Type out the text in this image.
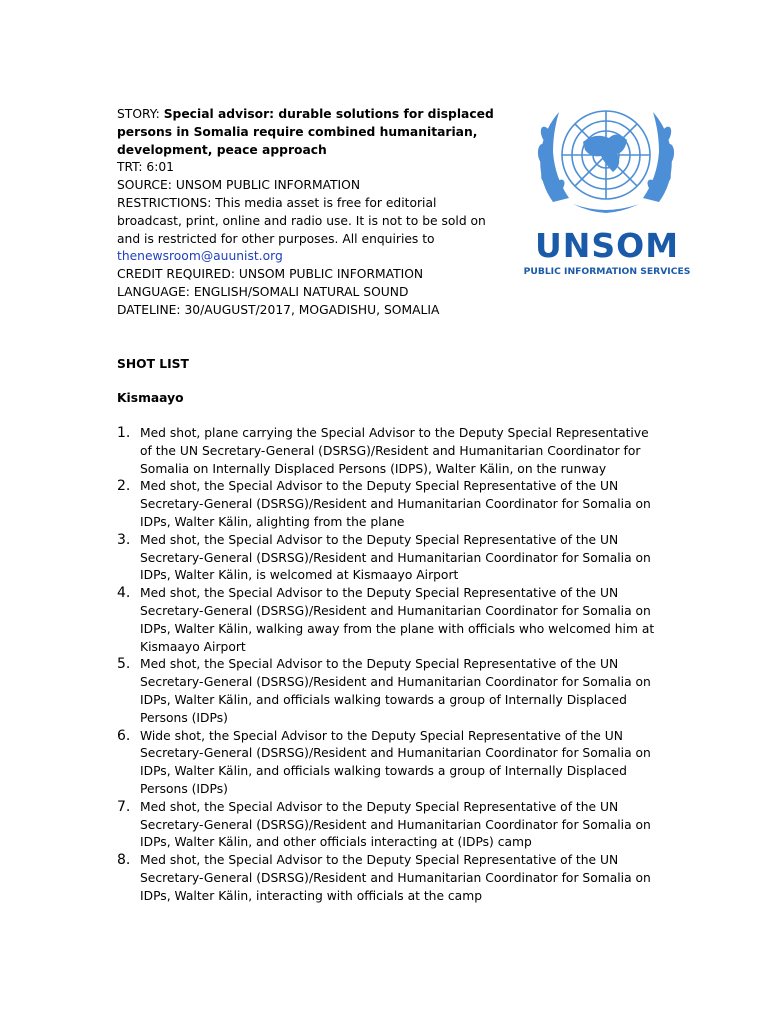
STORY: Special advisor: durable solutions for displaced persons in Somalia require combined humanitarian, development, peace approach
TRT: 6:01
SOURCE: UNSOM PUBLIC INFORMATION
RESTRICTIONS: This media asset is free for editorial broadcast, print, online and radio use. It is not to be sold on and is restricted for other purposes. All enquiries to
thenewsroom@auunist.org
CREDIT REQUIRED: UNSOM PUBLIC INFORMATION
LANGUAGE: ENGLISH/SOMALI NATURAL SOUND
DATELINE: 30/AUGUST/2017, MOGADISHU, SOMALIA
UNSOM
PUBLIC INFORMATION SERVICES
SHOT LIST
Kismaayo
1. Med shot, plane carrying the Special Advisor to the Deputy Special Representative of the UN Secretary-General (DSRSG)/Resident and Humanitarian Coordinator for Somalia on Internally Displaced Persons (IDPS), Walter Kälin, on the runway
2. Med shot, the Special Advisor to the Deputy Special Representative of the UN Secretary-General (DSRSG)/Resident and Humanitarian Coordinator for Somalia on IDPs, Walter Kälin, alighting from the plane
3. Med shot, the Special Advisor to the Deputy Special Representative of the UN Secretary-General (DSRSG)/Resident and Humanitarian Coordinator for Somalia on IDPs, Walter Kälin, is welcomed at Kismaayo Airport
4. Med shot, the Special Advisor to the Deputy Special Representative of the UN Secretary-General (DSRSG)/Resident and Humanitarian Coordinator for Somalia on IDPs, Walter Kälin, walking away from the plane with officials who welcomed him at Kismaayo Airport
5. Med shot, the Special Advisor to the Deputy Special Representative of the UN Secretary-General (DSRSG)/Resident and Humanitarian Coordinator for Somalia on IDPs, Walter Kälin, and officials walking towards a group of Internally Displaced Persons (IDPs)
6. Wide shot, the Special Advisor to the Deputy Special Representative of the UN Secretary-General (DSRSG)/Resident and Humanitarian Coordinator for Somalia on IDPs, Walter Kälin, and officials walking towards a group of Internally Displaced Persons (IDPs)
7. Med shot, the Special Advisor to the Deputy Special Representative of the UN Secretary-General (DSRSG)/Resident and Humanitarian Coordinator for Somalia on IDPs, Walter Kälin, and other officials interacting at (IDPs) camp
8. Med shot, the Special Advisor to the Deputy Special Representative of the UN Secretary-General (DSRSG)/Resident and Humanitarian Coordinator for Somalia on IDPs, Walter Kälin, interacting with officials at the camp
